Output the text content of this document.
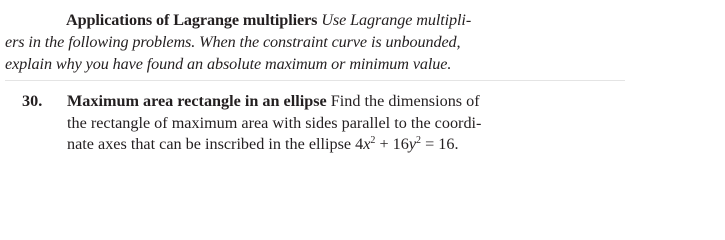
Applications of Lagrange multipliers Use Lagrange multipli-
ers in the following problems. When the constraint curve is unbounded,
explain why you have found an absolute maximum or minimum value.
30. Maximum area rectangle in an ellipse Find the dimensions of
the rectangle of maximum area with sides parallel to the coordi-
nate axes that can be inscribed in the ellipse $4x^2 + 16y^2 = 16$.
